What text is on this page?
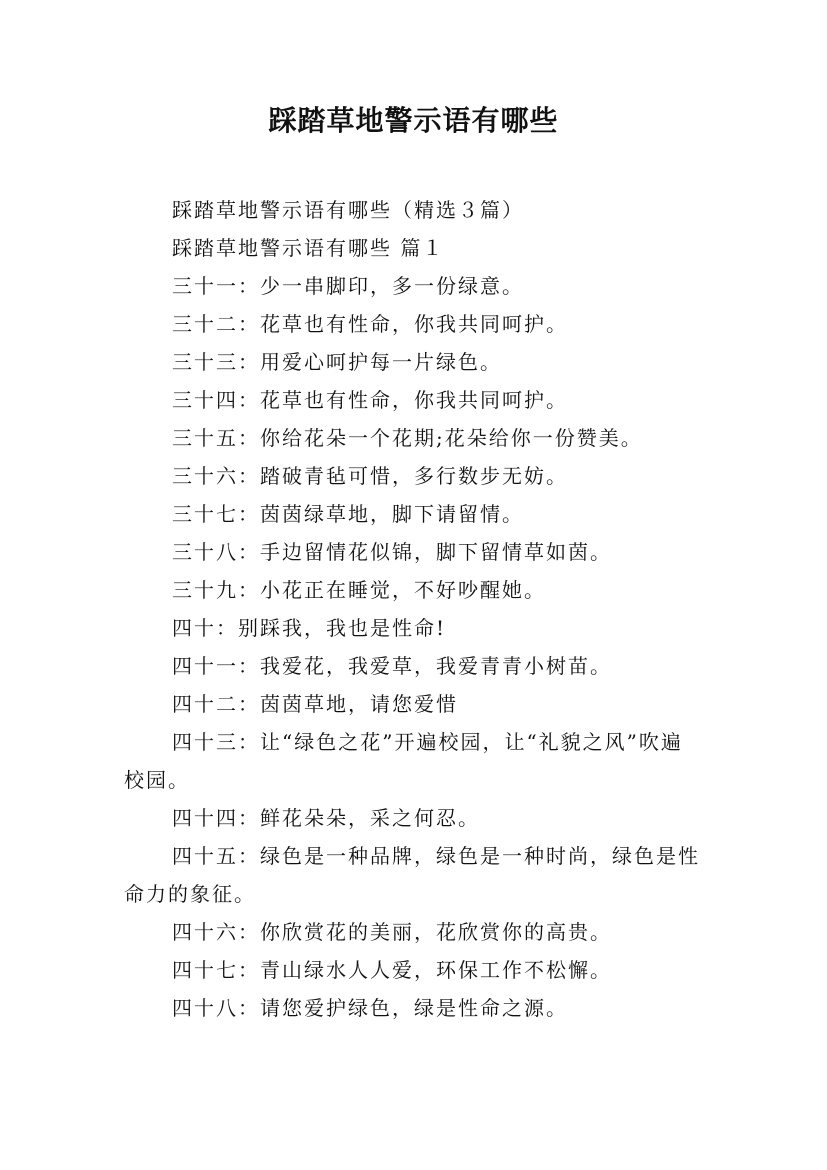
踩踏草地警示语有哪些

踩踏草地警示语有哪些（精选３篇）

踩踏草地警示语有哪些 篇１

三十一：少一串脚印，多一份绿意。

三十二：花草也有性命，你我共同呵护。

三十三：用爱心呵护每一片绿色。

三十四：花草也有性命，你我共同呵护。

三十五：你给花朵一个花期;花朵给你一份赞美。

三十六：踏破青毡可惜，多行数步无妨。

三十七：茵茵绿草地，脚下请留情。

三十八：手边留情花似锦，脚下留情草如茵。

三十九：小花正在睡觉，不好吵醒她。

四十：别踩我，我也是性命!

四十一：我爱花，我爱草，我爱青青小树苗。

四十二：茵茵草地，请您爱惜

四十三：让“绿色之花”开遍校园，让“礼貌之风”吹遍校园。

四十四：鲜花朵朵，采之何忍。

四十五：绿色是一种品牌，绿色是一种时尚，绿色是性命力的象征。

四十六：你欣赏花的美丽，花欣赏你的高贵。

四十七：青山绿水人人爱，环保工作不松懈。

四十八：请您爱护绿色，绿是性命之源。
